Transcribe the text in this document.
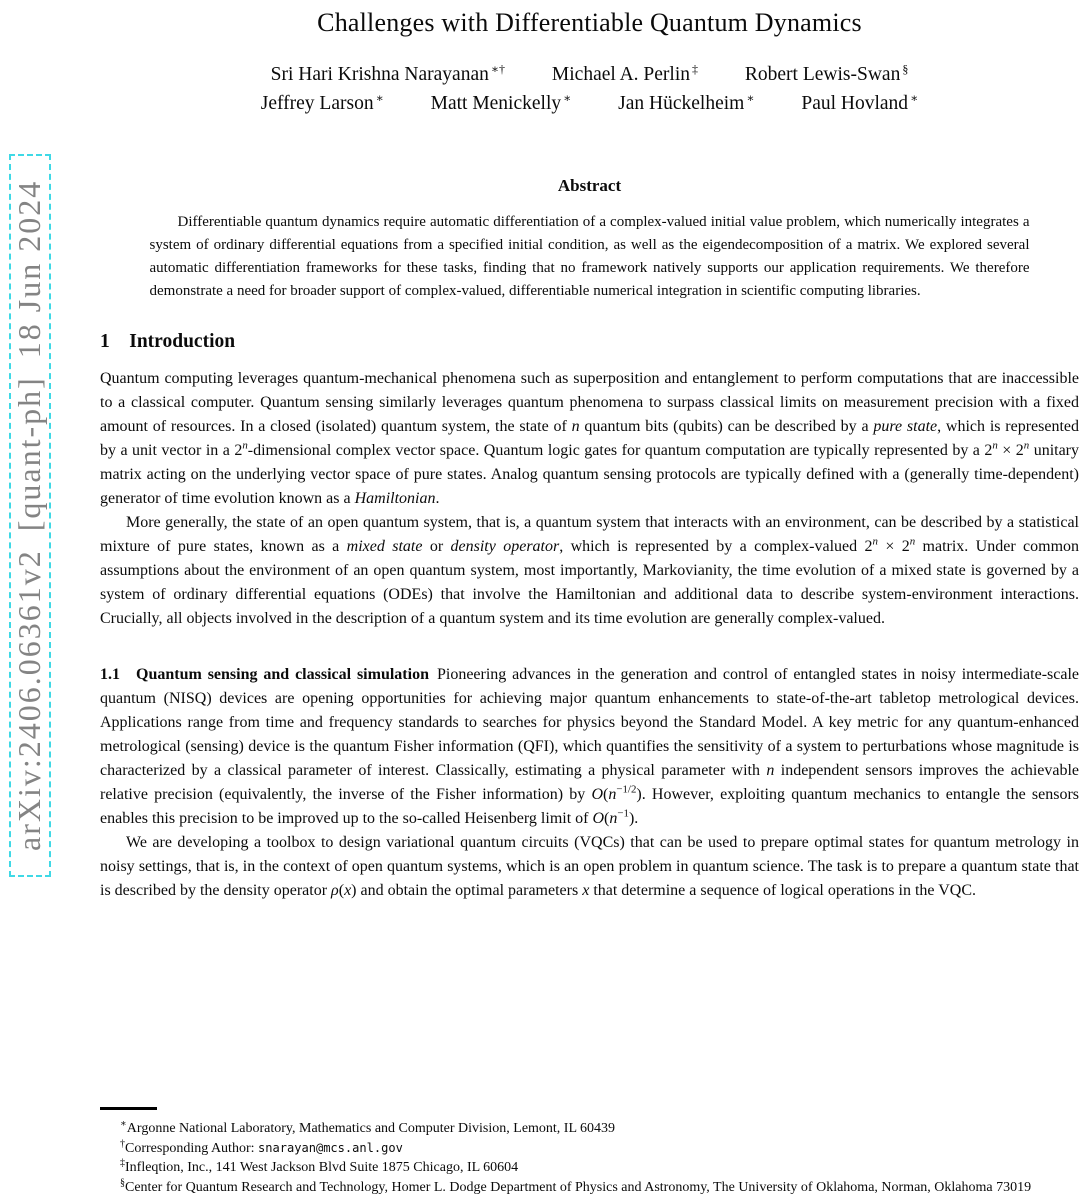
arXiv:2406.06361v2 [quant-ph] 18 Jun 2024
Challenges with Differentiable Quantum Dynamics
Sri Hari Krishna Narayanan ∗† Michael A. Perlin ‡ Robert Lewis-Swan §
Jeffrey Larson ∗ Matt Menickelly ∗ Jan Hückelheim ∗ Paul Hovland ∗
Abstract

Differentiable quantum dynamics require automatic differentiation of a complex-valued initial value problem, which numerically integrates a system of ordinary differential equations from a specified initial condition, as well as the eigendecomposition of a matrix. We explored several automatic differentiation frameworks for these tasks, finding that no framework natively supports our application requirements. We therefore demonstrate a need for broader support of complex-valued, differentiable numerical integration in scientific computing libraries.

1 Introduction

Quantum computing leverages quantum-mechanical phenomena such as superposition and entanglement to perform computations that are inaccessible to a classical computer. Quantum sensing similarly leverages quantum phenomena to surpass classical limits on measurement precision with a fixed amount of resources. In a closed (isolated) quantum system, the state of n quantum bits (qubits) can be described by a pure state, which is represented by a unit vector in a 2$^n$-dimensional complex vector space. Quantum logic gates for quantum computation are typically represented by a $2^n \times 2^n$ unitary matrix acting on the underlying vector space of pure states. Analog quantum sensing protocols are typically defined with a (generally time-dependent) generator of time evolution known as a Hamiltonian.

More generally, the state of an open quantum system, that is, a quantum system that interacts with an environment, can be described by a statistical mixture of pure states, known as a mixed state or density operator, which is represented by a complex-valued $2^n \times 2^n$ matrix. Under common assumptions about the environment of an open quantum system, most importantly, Markovianity, the time evolution of a mixed state is governed by a system of ordinary differential equations (ODEs) that involve the Hamiltonian and additional data to describe system-environment interactions. Crucially, all objects involved in the description of a quantum system and its time evolution are generally complex-valued.

1.1 Quantum sensing and classical simulation Pioneering advances in the generation and control of entangled states in noisy intermediate-scale quantum (NISQ) devices are opening opportunities for achieving major quantum enhancements to state-of-the-art tabletop metrological devices. Applications range from time and frequency standards to searches for physics beyond the Standard Model. A key metric for any quantum-enhanced metrological (sensing) device is the quantum Fisher information (QFI), which quantifies the sensitivity of a system to perturbations whose magnitude is characterized by a classical parameter of interest. Classically, estimating a physical parameter with n independent sensors improves the achievable relative precision (equivalently, the inverse of the Fisher information) by $O(n^{-1/2})$. However, exploiting quantum mechanics to entangle the sensors enables this precision to be improved up to the so-called Heisenberg limit of $O(n^{-1})$.

We are developing a toolbox to design variational quantum circuits (VQCs) that can be used to prepare optimal states for quantum metrology in noisy settings, that is, in the context of open quantum systems, which is an open problem in quantum science. The task is to prepare a quantum state that is described by the density operator ρ(x) and obtain the optimal parameters x that determine a sequence of logical operations in the VQC.

∗Argonne National Laboratory, Mathematics and Computer Division, Lemont, IL 60439

†Corresponding Author: snarayan@mcs.anl.gov

‡Infleqtion, Inc., 141 West Jackson Blvd Suite 1875 Chicago, IL 60604

§Center for Quantum Research and Technology, Homer L. Dodge Department of Physics and Astronomy, The University of Oklahoma, Norman, Oklahoma 73019
